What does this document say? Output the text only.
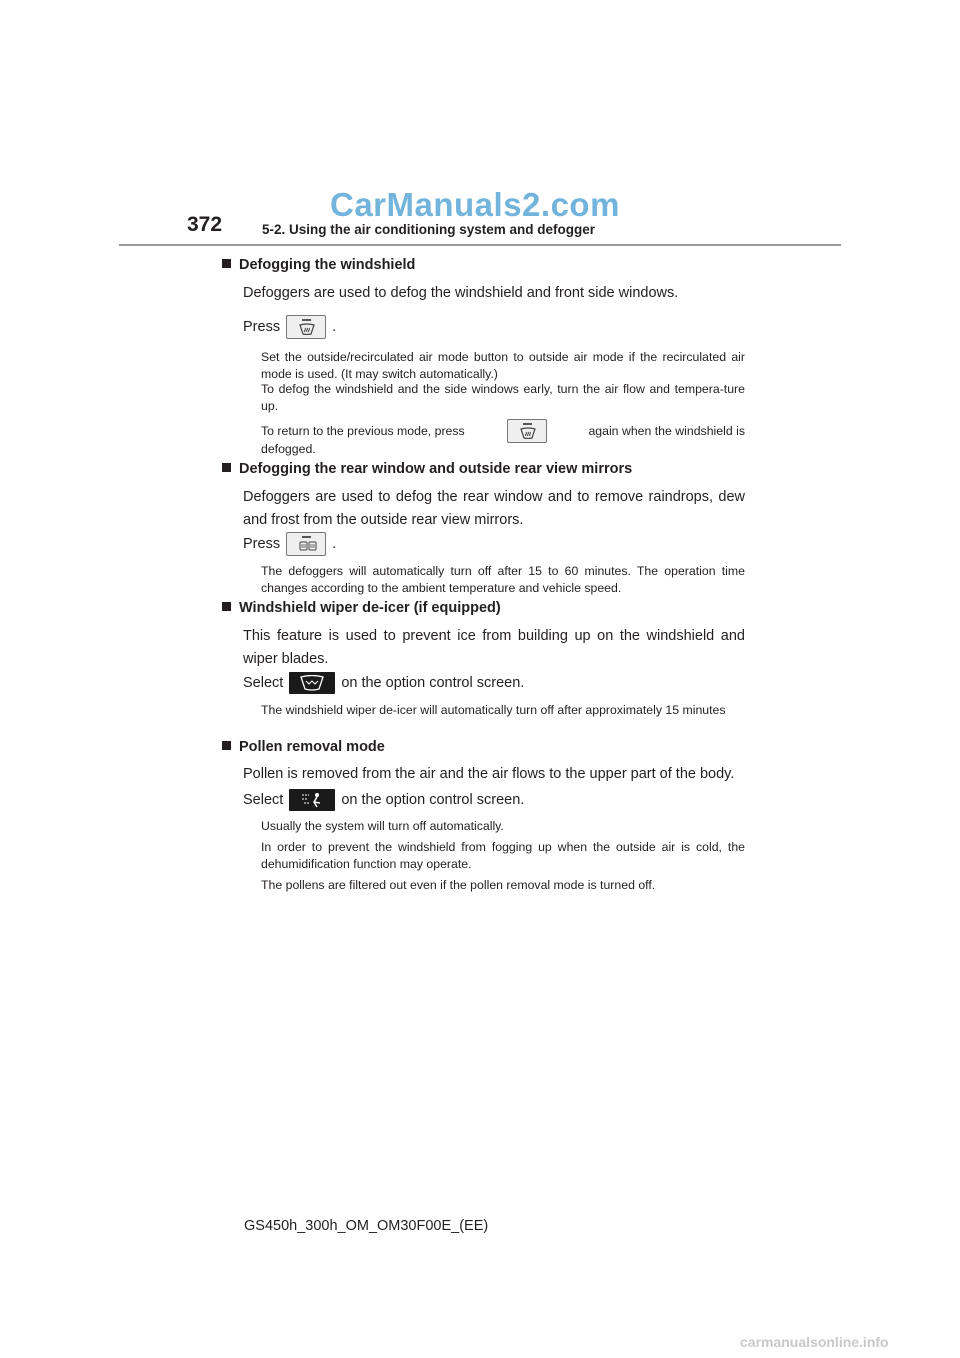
CarManuals2.com
372	5-2. Using the air conditioning system and defogger
Defogging the windshield
Defoggers are used to defog the windshield and front side windows.
Press	.
Set the outside/recirculated air mode button to outside air mode if the recirculated air mode is used. (It may switch automatically.)
To defog the windshield and the side windows early, turn the air flow and tempera-ture up.
To return to the previous mode, press	again when the windshield is
defogged.
Defogging the rear window and outside rear view mirrors
Defoggers are used to defog the rear window and to remove raindrops, dew and frost from the outside rear view mirrors.
Press	.
The defoggers will automatically turn off after 15 to 60 minutes. The operation time changes according to the ambient temperature and vehicle speed.
Windshield wiper de-icer (if equipped)
This feature is used to prevent ice from building up on the windshield and wiper blades.
Select	on the option control screen.
The windshield wiper de-icer will automatically turn off after approximately 15 minutes
Pollen removal mode
Pollen is removed from the air and the air flows to the upper part of the body.
Select	on the option control screen.
Usually the system will turn off automatically.
In order to prevent the windshield from fogging up when the outside air is cold, the dehumidification function may operate.
The pollens are filtered out even if the pollen removal mode is turned off.
GS450h_300h_OM_OM30F00E_(EE)
carmanualsonline.info
